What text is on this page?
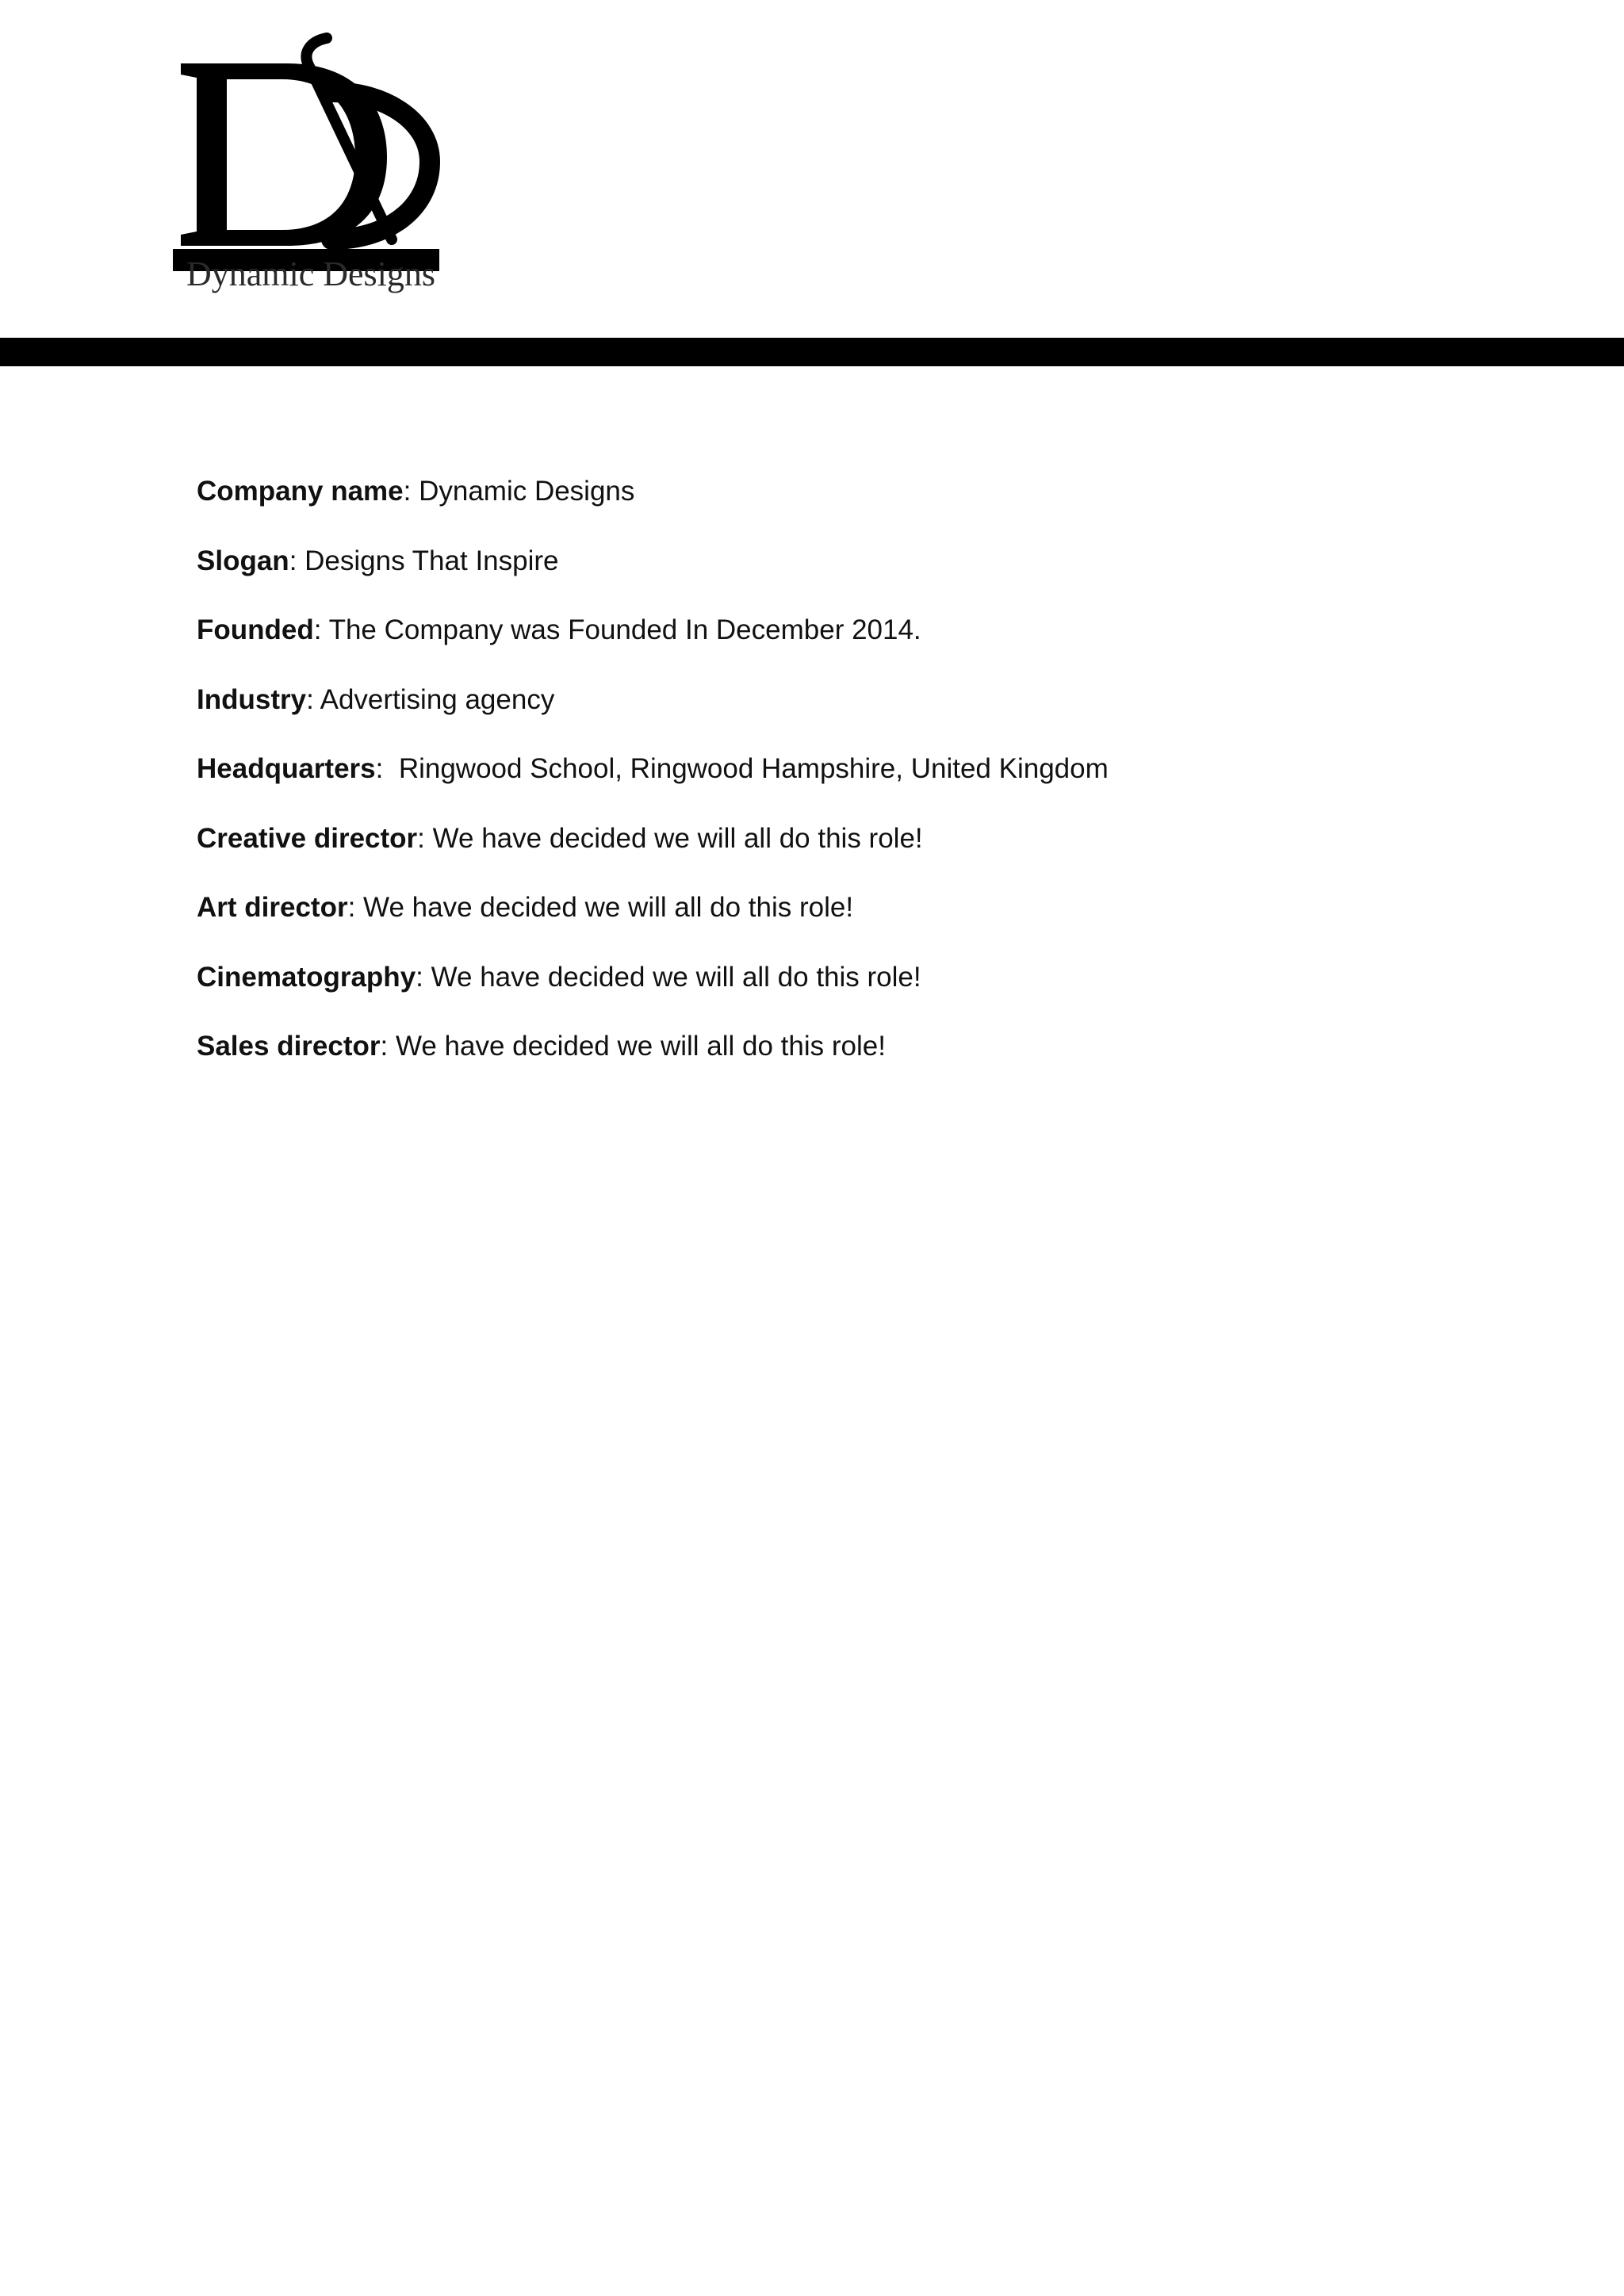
Dynamic Designs
Company name: Dynamic Designs
Slogan: Designs That Inspire
Founded: The Company was Founded In December 2014.
Industry: Advertising agency
Headquarters:  Ringwood School, Ringwood Hampshire, United Kingdom
Creative director: We have decided we will all do this role!
Art director: We have decided we will all do this role!
Cinematography: We have decided we will all do this role!
Sales director: We have decided we will all do this role!
